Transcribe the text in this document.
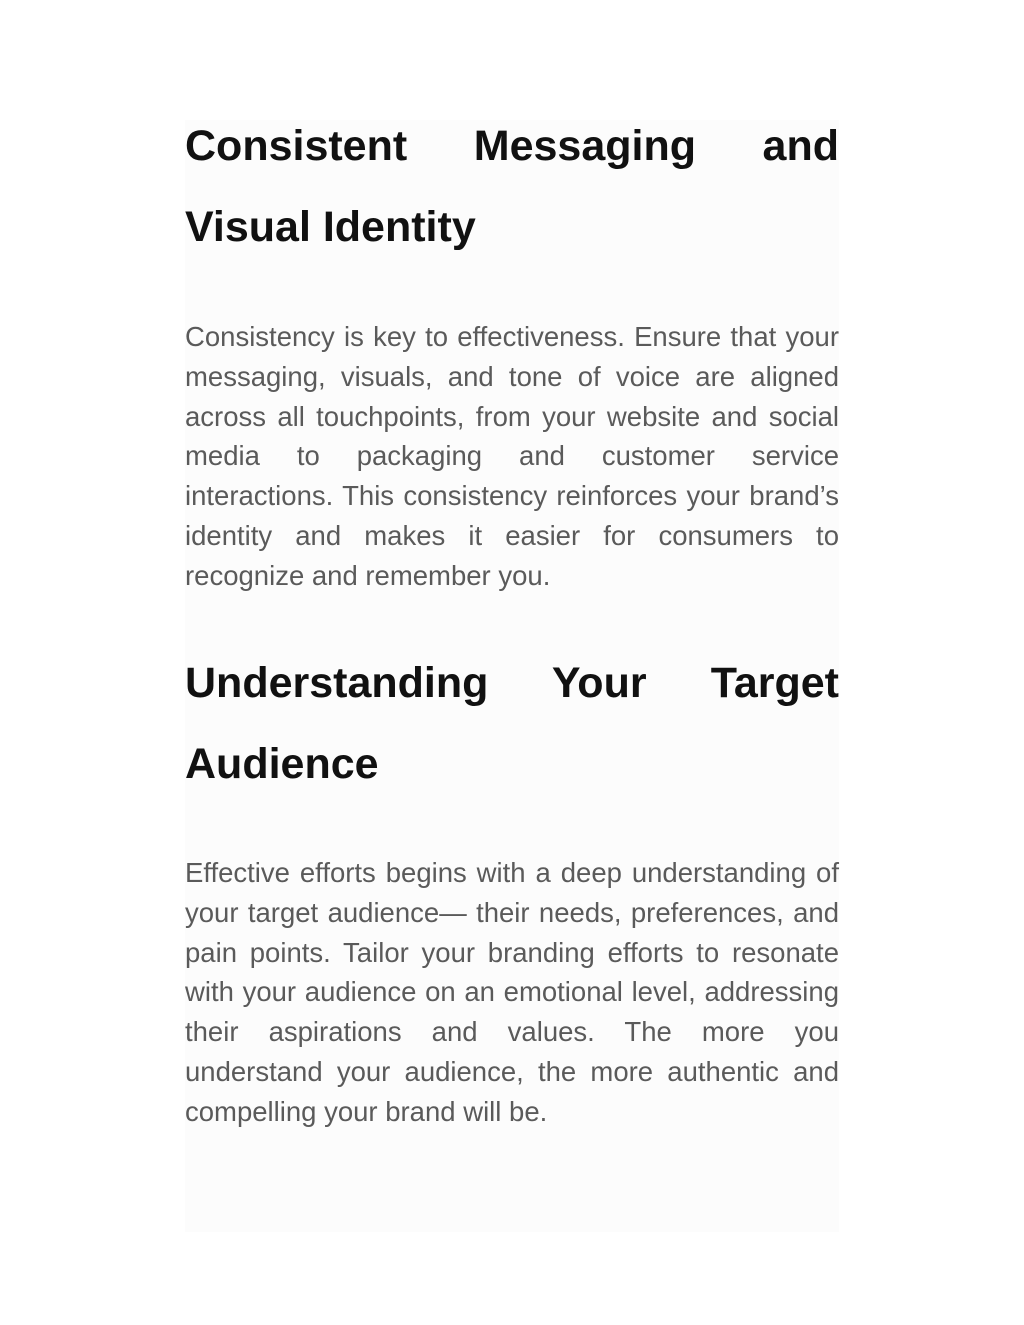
Consistent Messaging and Visual Identity

Consistency is key to effectiveness. Ensure that your messaging, visuals, and tone of voice are aligned across all touchpoints, from your website and social media to packaging and customer service interactions. This consistency reinforces your brand’s identity and makes it easier for consumers to recognize and remember you.

Understanding Your Target Audience

Effective efforts begins with a deep understanding of your target audience— their needs, preferences, and pain points. Tailor your branding efforts to resonate with your audience on an emotional level, addressing their aspirations and values. The more you understand your audience, the more authentic and compelling your brand will be.
